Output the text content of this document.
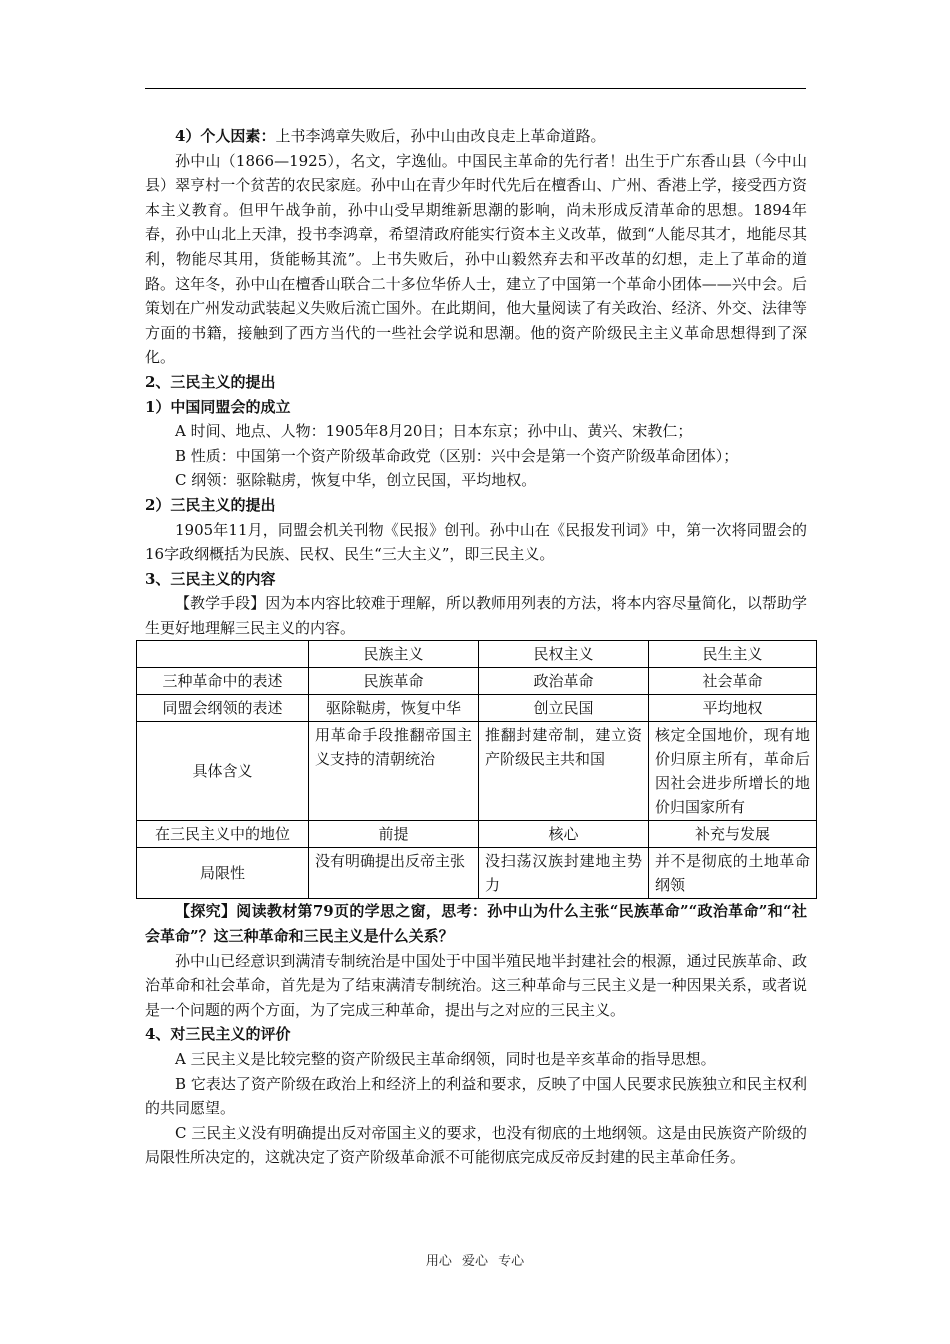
4）个人因素：上书李鸿章失败后，孙中山由改良走上革命道路。

孙中山（1866—1925），名文，字逸仙。中国民主革命的先行者！出生于广东香山县（今中山县）翠亨村一个贫苦的农民家庭。孙中山在青少年时代先后在檀香山、广州、香港上学，接受西方资本主义教育。但甲午战争前，孙中山受早期维新思潮的影响，尚未形成反清革命的思想。1894年春，孙中山北上天津，投书李鸿章，希望清政府能实行资本主义改革，做到“人能尽其才，地能尽其利，物能尽其用，货能畅其流”。上书失败后，孙中山毅然弃去和平改革的幻想，走上了革命的道路。这年冬，孙中山在檀香山联合二十多位华侨人士，建立了中国第一个革命小团体——兴中会。后策划在广州发动武装起义失败后流亡国外。在此期间，他大量阅读了有关政治、经济、外交、法律等方面的书籍，接触到了西方当代的一些社会学说和思潮。他的资产阶级民主主义革命思想得到了深化。

2、三民主义的提出

1）中国同盟会的成立

A 时间、地点、人物：1905年8月20日；日本东京；孙中山、黄兴、宋教仁；

B 性质：中国第一个资产阶级革命政党（区别：兴中会是第一个资产阶级革命团体）；

C 纲领：驱除鞑虏，恢复中华，创立民国，平均地权。

2）三民主义的提出

1905年11月，同盟会机关刊物《民报》创刊。孙中山在《民报发刊词》中，第一次将同盟会的16字政纲概括为民族、民权、民生“三大主义”，即三民主义。

3、三民主义的内容

【教学手段】因为本内容比较难于理解，所以教师用列表的方法，将本内容尽量简化，以帮助学生更好地理解三民主义的内容。

	民族主义	民权主义	民生主义
三种革命中的表述	民族革命	政治革命	社会革命
同盟会纲领的表述	驱除鞑虏，恢复中华	创立民国	平均地权
具体含义	用革命手段推翻帝国主义支持的清朝统治	推翻封建帝制，建立资产阶级民主共和国	核定全国地价，现有地价归原主所有，革命后因社会进步所增长的地价归国家所有
在三民主义中的地位	前提	核心	补充与发展
局限性	没有明确提出反帝主张	没扫荡汉族封建地主势力	并不是彻底的土地革命纲领

【探究】阅读教材第79页的学思之窗，思考：孙中山为什么主张“民族革命”“政治革命”和“社会革命”？这三种革命和三民主义是什么关系？

孙中山已经意识到满清专制统治是中国处于中国半殖民地半封建社会的根源，通过民族革命、政治革命和社会革命，首先是为了结束满清专制统治。这三种革命与三民主义是一种因果关系，或者说是一个问题的两个方面，为了完成三种革命，提出与之对应的三民主义。

4、对三民主义的评价

A 三民主义是比较完整的资产阶级民主革命纲领，同时也是辛亥革命的指导思想。

B 它表达了资产阶级在政治上和经济上的利益和要求，反映了中国人民要求民族独立和民主权利的共同愿望。

C 三民主义没有明确提出反对帝国主义的要求，也没有彻底的土地纲领。这是由民族资产阶级的局限性所决定的，这就决定了资产阶级革命派不可能彻底完成反帝反封建的民主革命任务。

用心 爱心 专心
